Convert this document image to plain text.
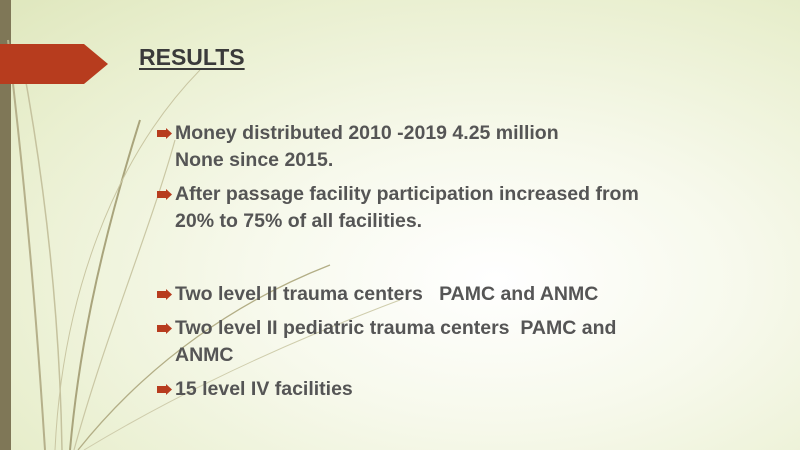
RESULTS
Money distributed 2010 -2019 4.25 million
None since 2015.
After passage facility participation increased from
20% to 75% of all facilities.
Two level II trauma centers   PAMC and ANMC
Two level II pediatric trauma centers  PAMC and
ANMC
15 level IV facilities
